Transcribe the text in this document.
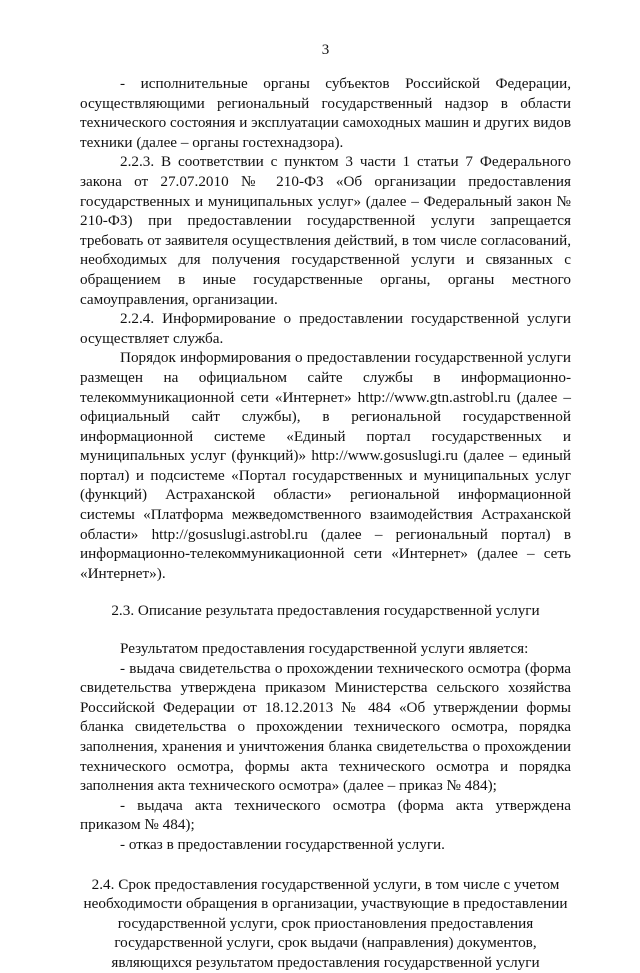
3

- исполнительные органы субъектов Российской Федерации, осуществляющими региональный государственный надзор в области технического состояния и эксплуатации самоходных машин и других видов техники (далее – органы гостехнадзора).

2.2.3. В соответствии с пунктом 3 части 1 статьи 7 Федерального закона от 27.07.2010 № 210-ФЗ «Об организации предоставления государственных и муниципальных услуг» (далее – Федеральный закон № 210-ФЗ) при предоставлении государственной услуги запрещается требовать от заявителя осуществления действий, в том числе согласований, необходимых для получения государственной услуги и связанных с обращением в иные государственные органы, органы местного самоуправления, организации.

2.2.4. Информирование о предоставлении государственной услуги осуществляет служба.

Порядок информирования о предоставлении государственной услуги размещен на официальном сайте службы в информационно-телекоммуникационной сети «Интернет» http://www.gtn.astrobl.ru (далее – официальный сайт службы), в региональной государственной информационной системе «Единый портал государственных и муниципальных услуг (функций)» http://www.gosuslugi.ru (далее – единый портал) и подсистеме «Портал государственных и муниципальных услуг (функций) Астраханской области» региональной информационной системы «Платформа межведомственного взаимодействия Астраханской области» http://gosuslugi.astrobl.ru (далее – региональный портал) в информационно-телекоммуникационной сети «Интернет» (далее – сеть «Интернет»).

2.3. Описание результата предоставления государственной услуги

Результатом предоставления государственной услуги является:

- выдача свидетельства о прохождении технического осмотра (форма свидетельства утверждена приказом Министерства сельского хозяйства Российской Федерации от 18.12.2013 № 484 «Об утверждении формы бланка свидетельства о прохождении технического осмотра, порядка заполнения, хранения и уничтожения бланка свидетельства о прохождении технического осмотра, формы акта технического осмотра и порядка заполнения акта технического осмотра» (далее – приказ № 484);

- выдача акта технического осмотра (форма акта утверждена приказом № 484);

- отказ в предоставлении государственной услуги.

2.4. Срок предоставления государственной услуги, в том числе с учетом необходимости обращения в организации, участвующие в предоставлении государственной услуги, срок приостановления предоставления государственной услуги, срок выдачи (направления) документов, являющихся результатом предоставления государственной услуги
